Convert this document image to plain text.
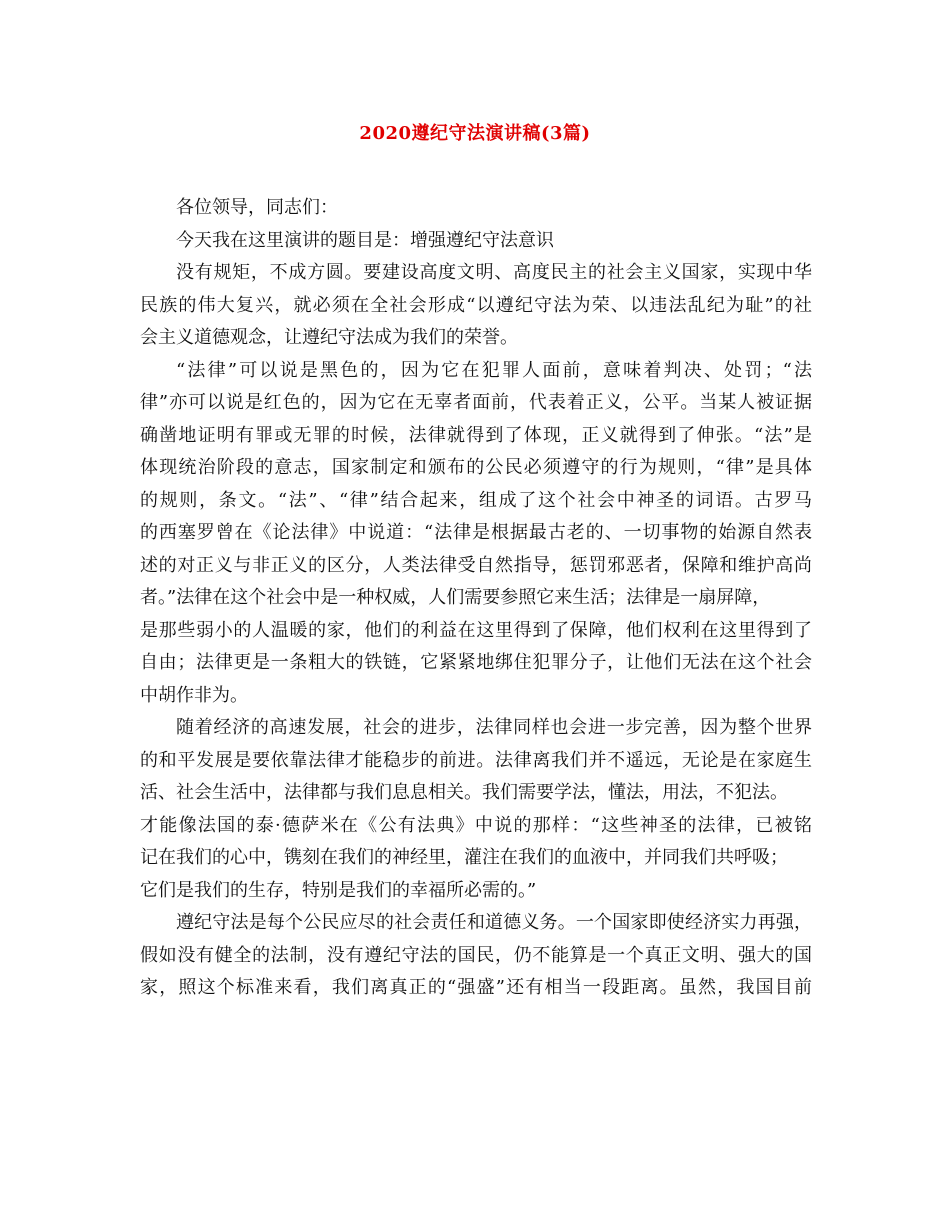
2020遵纪守法演讲稿(3篇)
各位领导，同志们：
今天我在这里演讲的题目是：增强遵纪守法意识
没有规矩，不成方圆。要建设高度文明、高度民主的社会主义国家，实现中华
民族的伟大复兴，就必须在全社会形成“以遵纪守法为荣、以违法乱纪为耻”的社
会主义道德观念，让遵纪守法成为我们的荣誉。
“法律”可以说是黑色的，因为它在犯罪人面前，意味着判决、处罚；“法
律”亦可以说是红色的，因为它在无辜者面前，代表着正义，公平。当某人被证据
确凿地证明有罪或无罪的时候，法律就得到了体现，正义就得到了伸张。“法”是
体现统治阶段的意志，国家制定和颁布的公民必须遵守的行为规则，“律”是具体
的规则，条文。“法”、“律”结合起来，组成了这个社会中神圣的词语。古罗马
的西塞罗曾在《论法律》中说道：“法律是根据最古老的、一切事物的始源自然表
述的对正义与非正义的区分，人类法律受自然指导，惩罚邪恶者，保障和维护高尚
者。”法律在这个社会中是一种权威，人们需要参照它来生活；法律是一扇屏障，
是那些弱小的人温暖的家，他们的利益在这里得到了保障，他们权利在这里得到了
自由；法律更是一条粗大的铁链，它紧紧地绑住犯罪分子，让他们无法在这个社会
中胡作非为。
随着经济的高速发展，社会的进步，法律同样也会进一步完善，因为整个世界
的和平发展是要依靠法律才能稳步的前进。法律离我们并不遥远，无论是在家庭生
活、社会生活中，法律都与我们息息相关。我们需要学法，懂法，用法，不犯法。
才能像法国的泰·德萨米在《公有法典》中说的那样：“这些神圣的法律，已被铭
记在我们的心中，镌刻在我们的神经里，灌注在我们的血液中，并同我们共呼吸；
它们是我们的生存，特别是我们的幸福所必需的。”
遵纪守法是每个公民应尽的社会责任和道德义务。一个国家即使经济实力再强，
假如没有健全的法制，没有遵纪守法的国民，仍不能算是一个真正文明、强大的国
家，照这个标准来看，我们离真正的“强盛”还有相当一段距离。虽然，我国目前
